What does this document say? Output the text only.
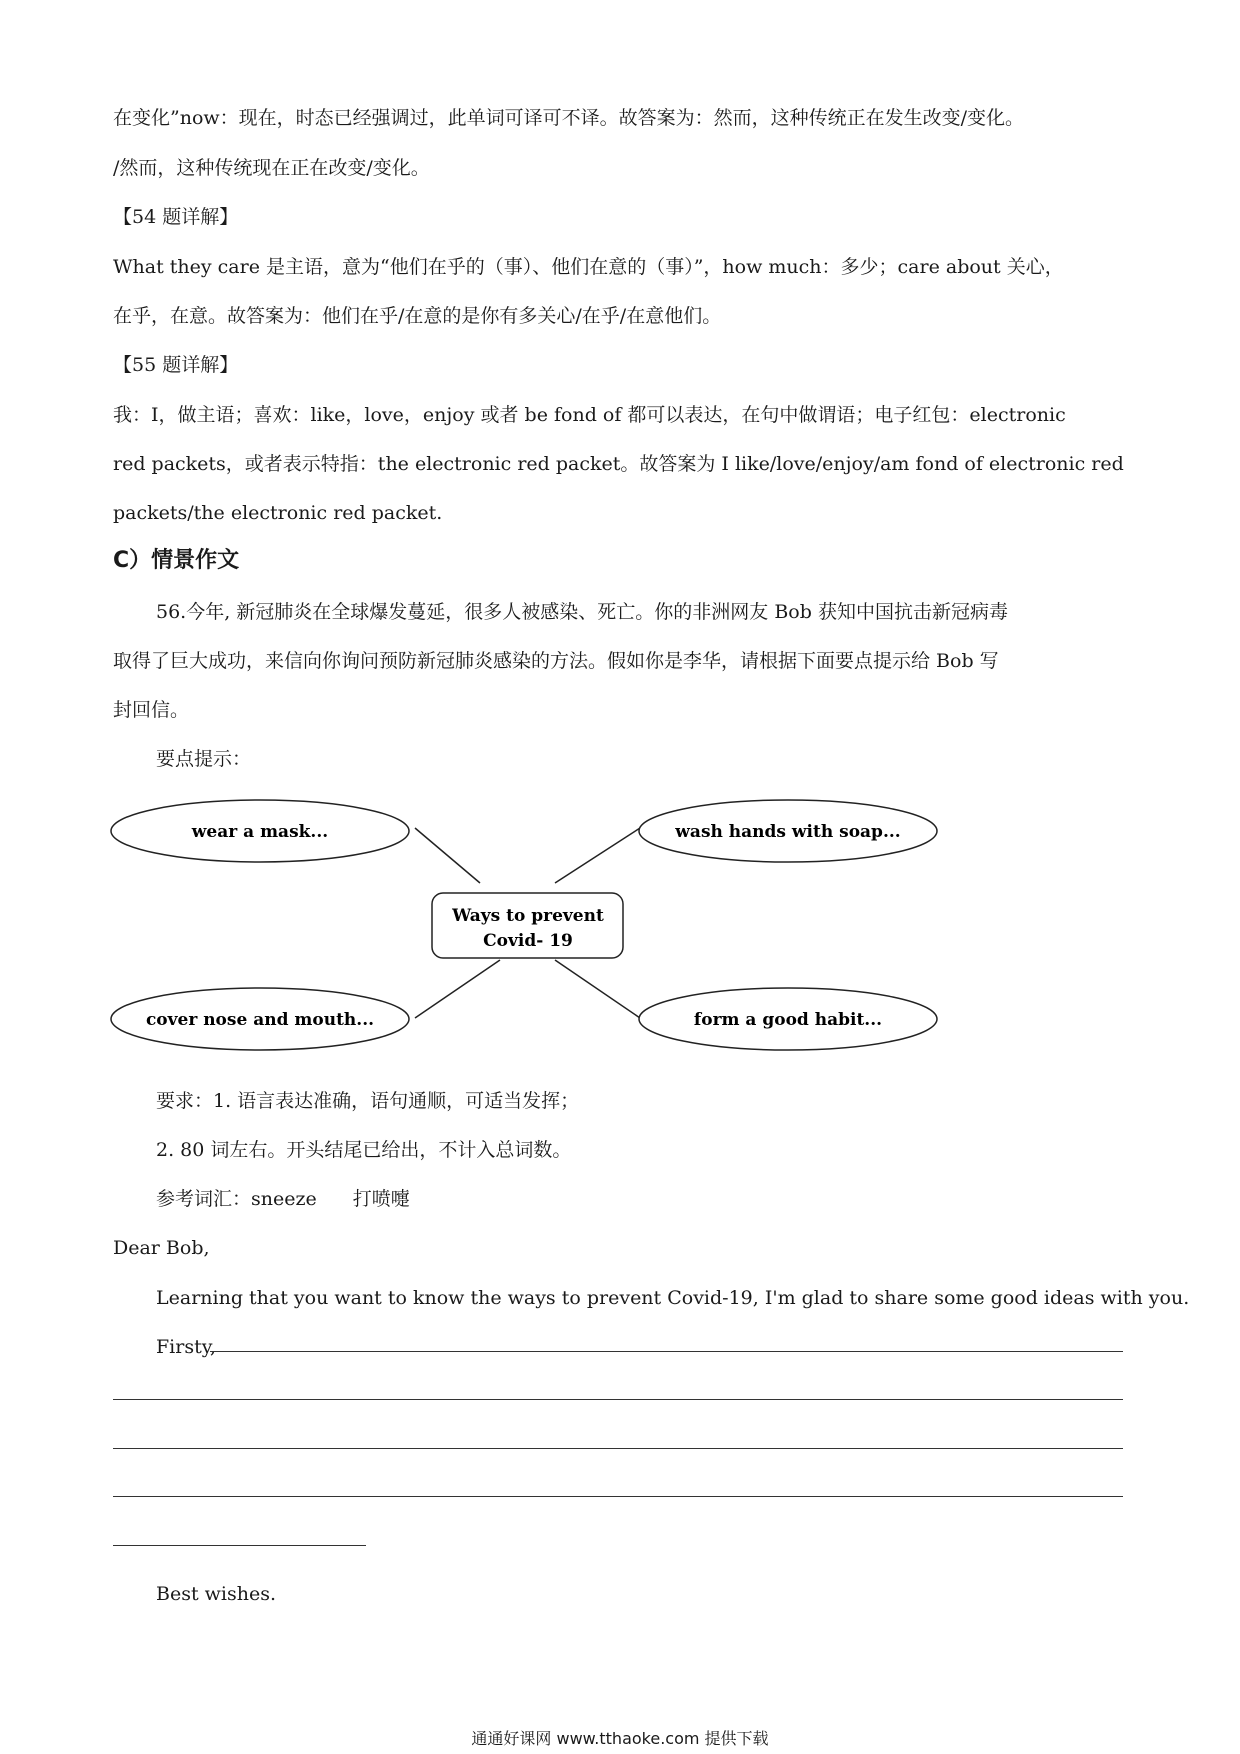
在变化”now：现在，时态已经强调过，此单词可译可不译。故答案为：然而，这种传统正在发生改变/变化。

/然而，这种传统现在正在改变/变化。

【54 题详解】

What they care 是主语，意为“他们在乎的（事）、他们在意的（事）”，how much：多少；care about 关心，

在乎，在意。故答案为：他们在乎/在意的是你有多关心/在乎/在意他们。

【55 题详解】

我：I，做主语；喜欢：like，love，enjoy 或者 be fond of 都可以表达，在句中做谓语；电子红包：electronic

red packets，或者表示特指：the electronic red packet。故答案为 I like/love/enjoy/am fond of electronic red

packets/the electronic red packet.

C）情景作文

56.今年, 新冠肺炎在全球爆发蔓延，很多人被感染、死亡。你的非洲网友 Bob 获知中国抗击新冠病毒

取得了巨大成功，来信向你询问预防新冠肺炎感染的方法。假如你是李华，请根据下面要点提示给 Bob 写

封回信。

要点提示：

wear a mask...	wash hands with soap...
cover nose and mouth...	form a good habit...
Ways to prevent
Covid- 19

要求：1. 语言表达准确，语句通顺，可适当发挥；

2. 80 词左右。开头结尾已给出，不计入总词数。

参考词汇：sneeze 打喷嚏

Dear Bob,

Learning that you want to know the ways to prevent Covid-19, I'm glad to share some good ideas with you.

Firsty,

Best wishes.

通通好课网 www.tthaoke.com 提供下载
